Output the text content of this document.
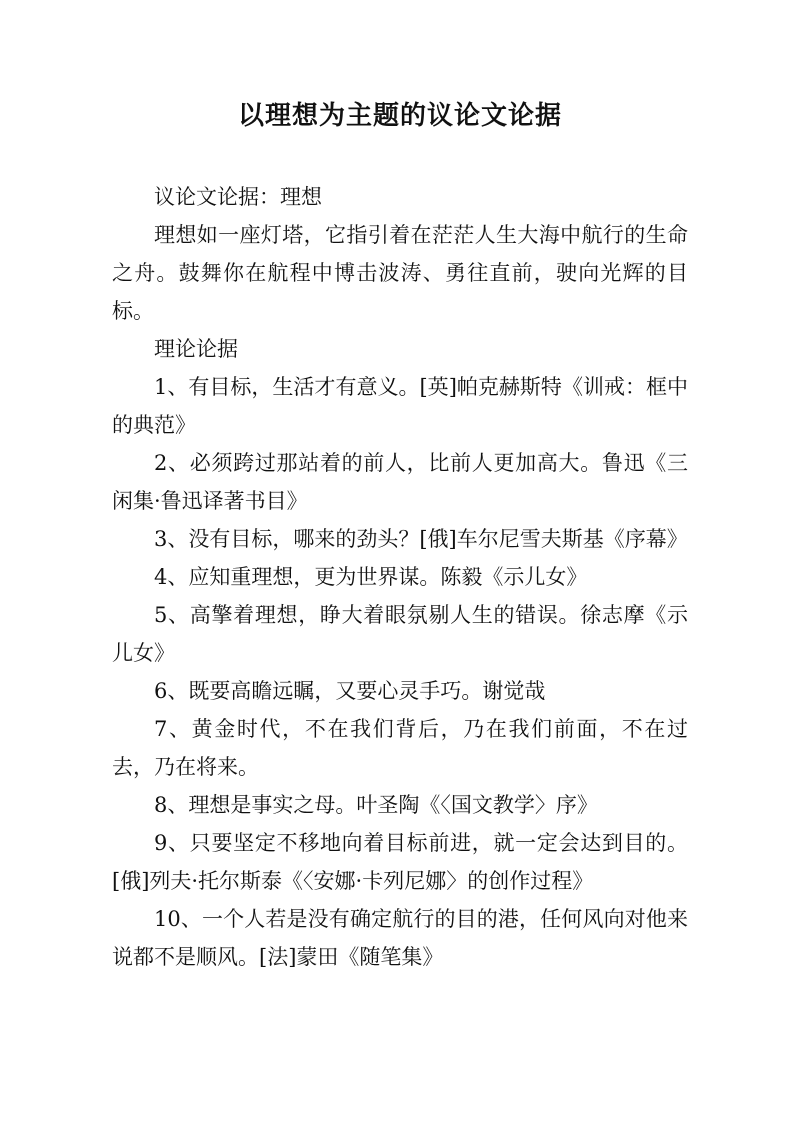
以理想为主题的议论文论据

议论文论据：理想

理想如一座灯塔，它指引着在茫茫人生大海中航行的生命之舟。鼓舞你在航程中博击波涛、勇往直前，驶向光辉的目标。

理论论据

1、有目标，生活才有意义。[英]帕克赫斯特《训戒：框中的典范》

2、必须跨过那站着的前人，比前人更加高大。鲁迅《三闲集·鲁迅译著书目》

3、没有目标，哪来的劲头？[俄]车尔尼雪夫斯基《序幕》

4、应知重理想，更为世界谋。陈毅《示儿女》

5、高擎着理想，睁大着眼氛剔人生的错误。徐志摩《示儿女》

6、既要高瞻远瞩，又要心灵手巧。谢觉哉

7、黄金时代，不在我们背后，乃在我们前面，不在过去，乃在将来。

8、理想是事实之母。叶圣陶《〈国文教学〉序》

9、只要坚定不移地向着目标前进，就一定会达到目的。[俄]列夫·托尔斯泰《〈安娜·卡列尼娜〉的创作过程》

10、一个人若是没有确定航行的目的港，任何风向对他来说都不是顺风。[法]蒙田《随笔集》
